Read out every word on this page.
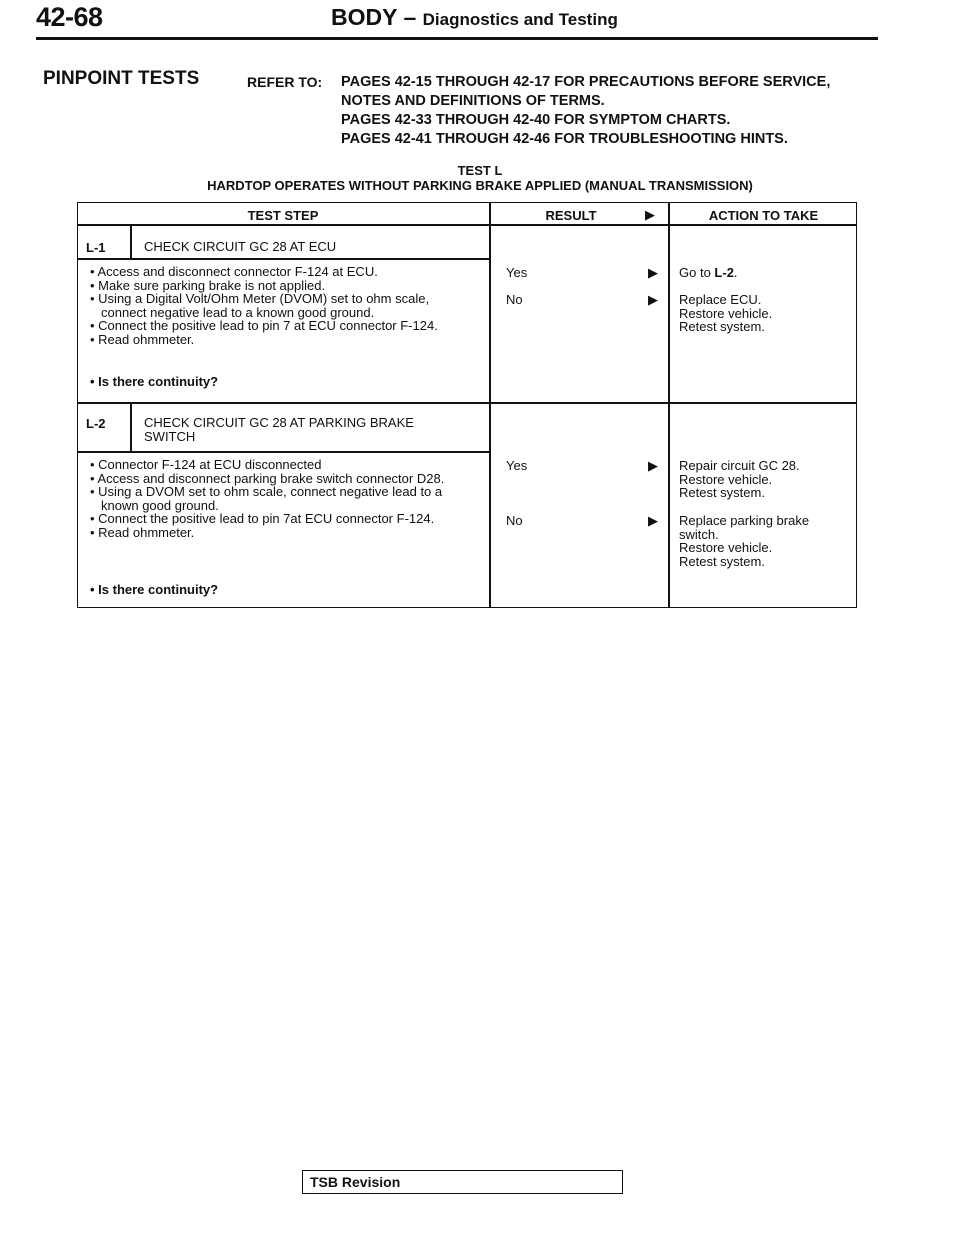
42-68	BODY – Diagnostics and Testing
PINPOINT TESTS	REFER TO: PAGES 42-15 THROUGH 42-17 FOR PRECAUTIONS BEFORE SERVICE,
NOTES AND DEFINITIONS OF TERMS.
PAGES 42-33 THROUGH 42-40 FOR SYMPTOM CHARTS.
PAGES 42-41 THROUGH 42-46 FOR TROUBLESHOOTING HINTS.
TEST L
HARDTOP OPERATES WITHOUT PARKING BRAKE APPLIED (MANUAL TRANSMISSION)
TEST STEP	RESULT	▶	ACTION TO TAKE
L-1	CHECK CIRCUIT GC 28 AT ECU
• Access and disconnect connector F-124 at ECU.
• Make sure parking brake is not applied.
• Using a Digital Volt/Ohm Meter (DVOM) set to ohm scale, connect negative lead to a known good ground.
• Connect the positive lead to pin 7 at ECU connector F-124.
• Read ohmmeter.
• Is there continuity?
Yes	▶ Go to L-2.
No	▶ Replace ECU.
Restore vehicle.
Retest system.
L-2	CHECK CIRCUIT GC 28 AT PARKING BRAKE SWITCH
• Connector F-124 at ECU disconnected
• Access and disconnect parking brake switch connector D28.
• Using a DVOM set to ohm scale, connect negative lead to a known good ground.
• Connect the positive lead to pin 7at ECU connector F-124.
• Read ohmmeter.
• Is there continuity?
Yes	▶ Repair circuit GC 28.
Restore vehicle.
Retest system.
No	▶ Replace parking brake switch.
Restore vehicle.
Retest system.
TSB Revision
